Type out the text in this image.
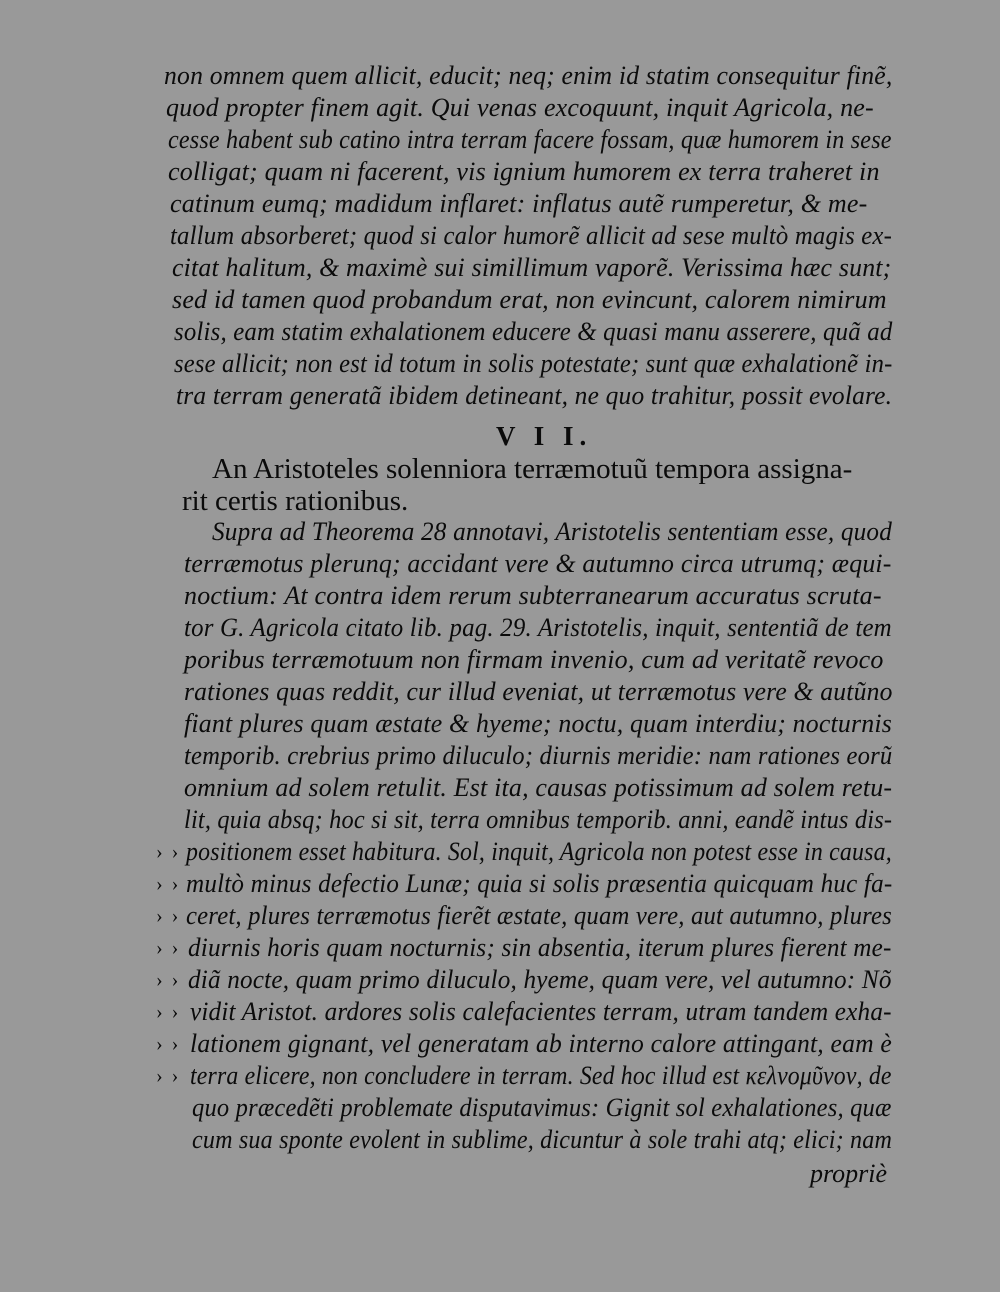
non omnem quem allicit, educit; neq; enim id statim consequitur finẽ,
quod propter finem agit. Qui venas excoquunt, inquit Agricola, ne-
cesse habent sub catino intra terram facere fossam, quæ humorem in sese
colligat; quam ni facerent, vis ignium humorem ex terra traheret in
catinum eumq; madidum inflaret: inflatus autẽ rumperetur, & me-
tallum absorberet; quod si calor humorẽ allicit ad sese multò magis ex-
citat halitum, & maximè sui simillimum vaporẽ. Verissima hæc sunt;
sed id tamen quod probandum erat, non evincunt, calorem nimirum
solis, eam statim exhalationem educere & quasi manu asserere, quã ad
sese allicit; non est id totum in solis potestate; sunt quæ exhalationẽ in-
tra terram generatã ibidem detineant, ne quo trahitur, possit evolare.
V I I.
An Aristoteles solenniora terræmotuũ tempora assigna-
rit certis rationibus.
Supra ad Theorema 28 annotavi, Aristotelis sententiam esse, quod
terræmotus plerunq; accidant vere & autumno circa utrumq; æqui-
noctium: At contra idem rerum subterranearum accuratus scruta-
tor G. Agricola citato lib. pag. 29. Aristotelis, inquit, sententiã de tem
poribus terræmotuum non firmam invenio, cum ad veritatẽ revoco
rationes quas reddit, cur illud eveniat, ut terræmotus vere & autũno
fiant plures quam æstate & hyeme; noctu, quam interdiu; nocturnis
temporib. crebrius primo diluculo; diurnis meridie: nam rationes eorũ
omnium ad solem retulit. Est ita, causas potissimum ad solem retu-
lit, quia absq; hoc si sit, terra omnibus temporib. anni, eandẽ intus dis-
positionem esset habitura. Sol, inquit, Agricola non potest esse in causa,
multò minus defectio Lunæ; quia si solis præsentia quicquam huc fa-
ceret, plures terræmotus fierẽt æstate, quam vere, aut autumno, plures
diurnis horis quam nocturnis; sin absentia, iterum plures fierent me-
diã nocte, quam primo diluculo, hyeme, quam vere, vel autumno: Nõ
vidit Aristot. ardores solis calefacientes terram, utram tandem exha-
lationem gignant, vel generatam ab interno calore attingant, eam è
terra elicere, non concludere in terram. Sed hoc illud est κελνομῦνον, de
quo præcedẽti problemate disputavimus: Gignit sol exhalationes, quæ
cum sua sponte evolent in sublime, dicuntur à sole trahi atq; elici; nam
› ›
› ›
› ›
› ›
› ›
› ›
› ›
› ›
propriè
